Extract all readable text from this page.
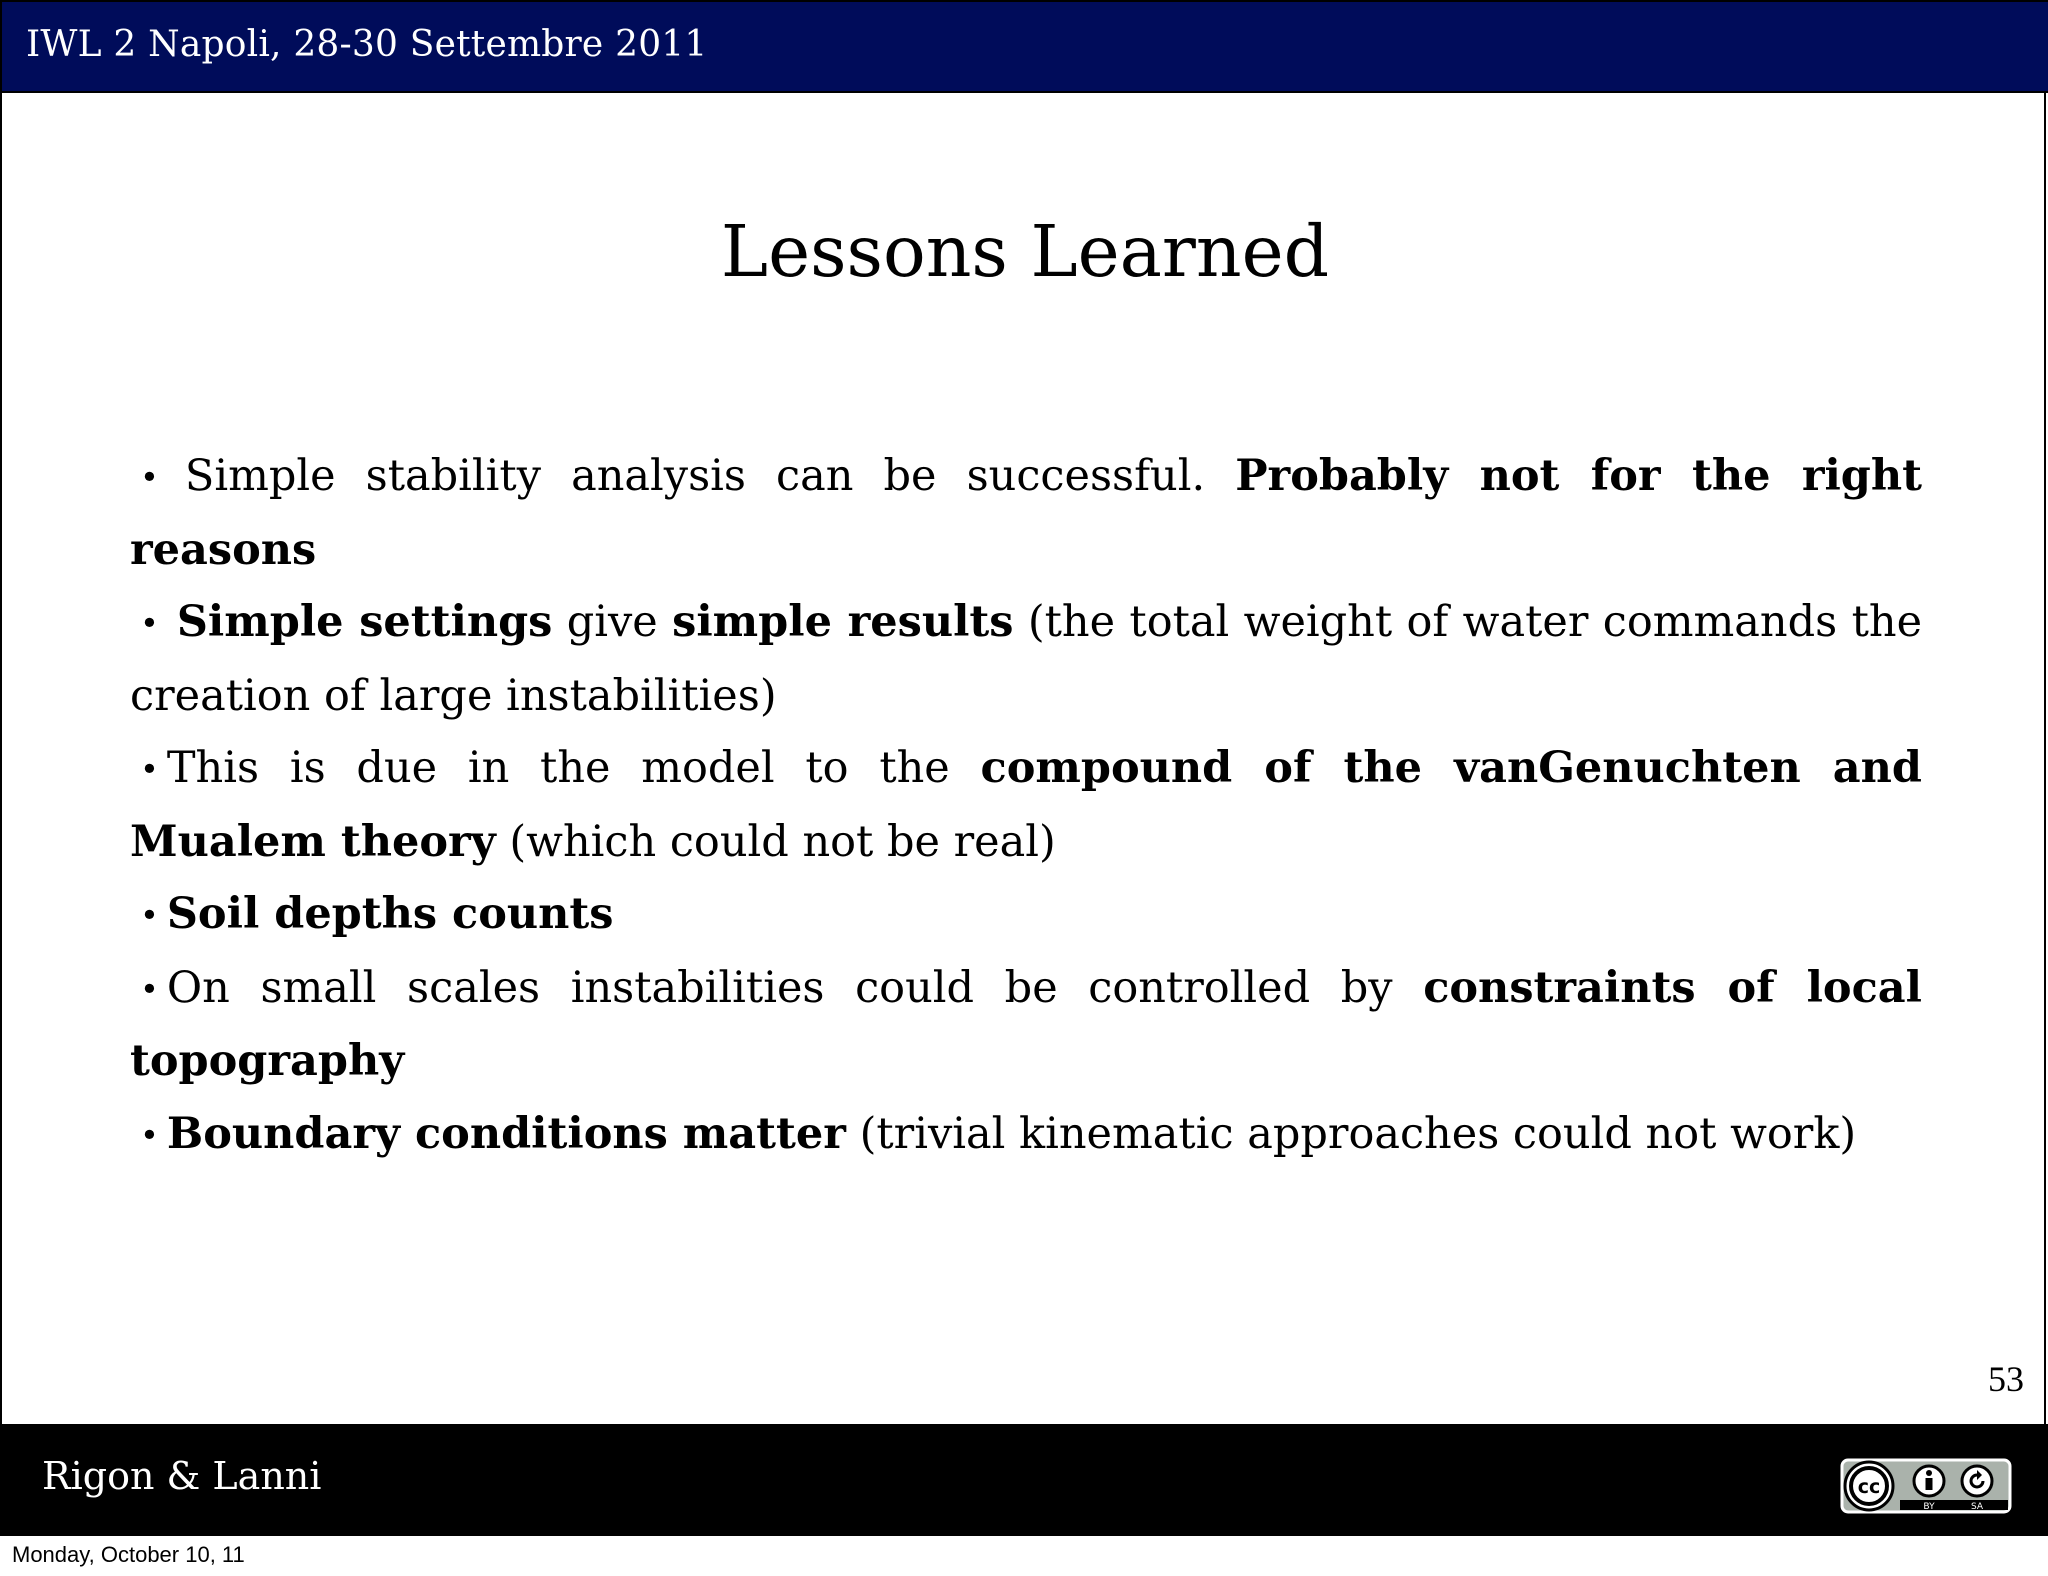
IWL 2 Napoli, 28-30 Settembre 2011
Lessons Learned

• Simple stability analysis can be successful. Probably not for the right reasons

• Simple settings give simple results (the total weight of water commands the creation of large instabilities)

• This is due in the model to the compound of the vanGenuchten and Mualem theory (which could not be real)

• Soil depths counts

• On small scales instabilities could be controlled by constraints of local topography

• Boundary conditions matter (trivial kinematic approaches could not work)

53
Rigon & Lanni	cc
BY	SA
Monday, October 10, 11
